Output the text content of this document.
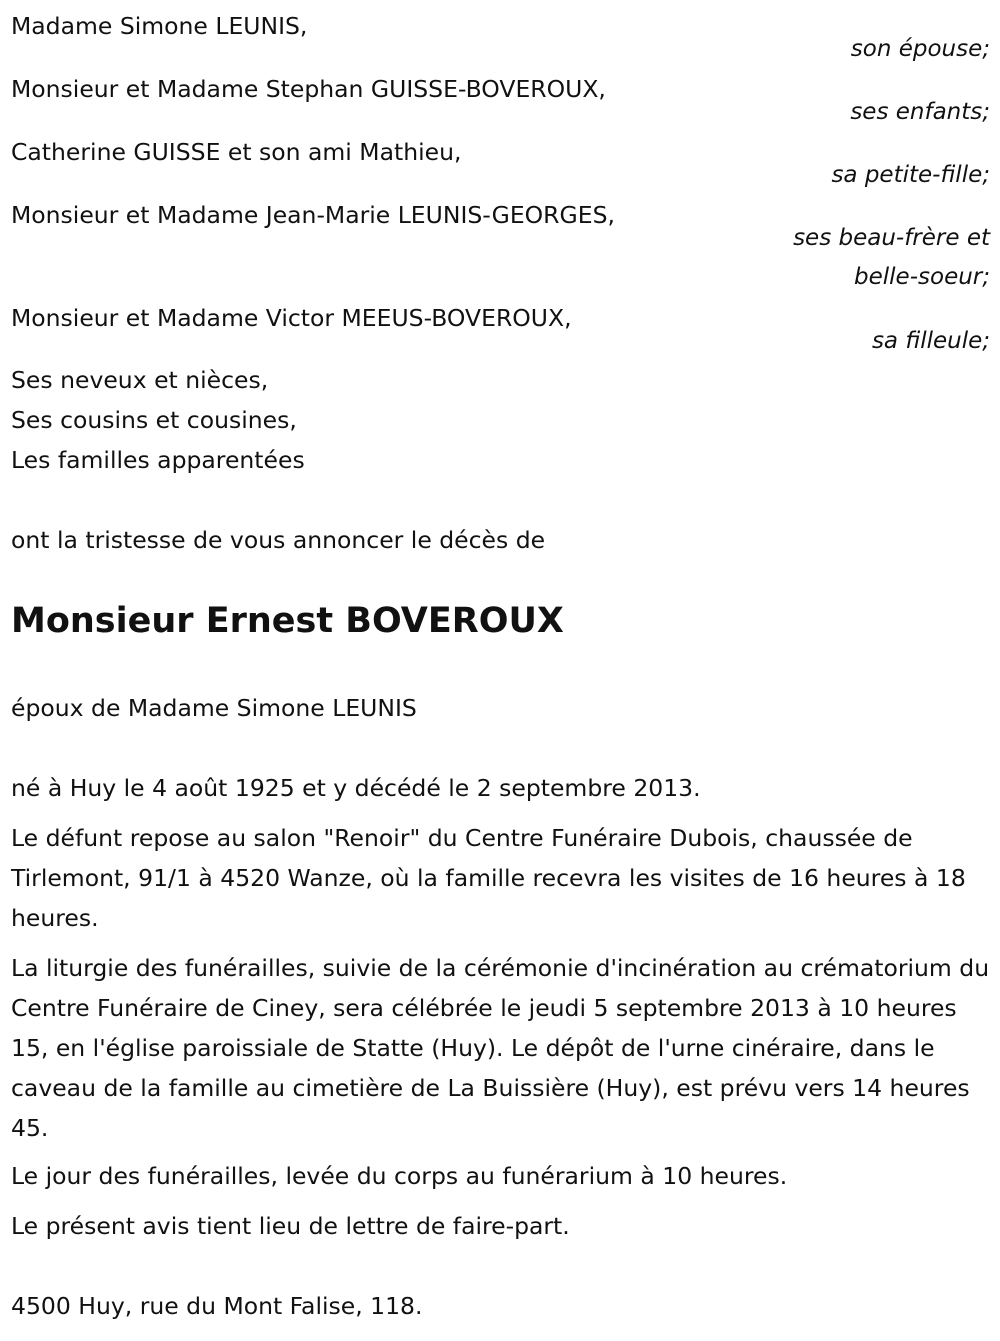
Madame Simone LEUNIS,
son épouse;
Monsieur et Madame Stephan GUISSE-BOVEROUX,
ses enfants;
Catherine GUISSE et son ami Mathieu,
sa petite-fille;
Monsieur et Madame Jean-Marie LEUNIS-GEORGES,
ses beau-frère et
belle-soeur;
Monsieur et Madame Victor MEEUS-BOVEROUX,
sa filleule;
Ses neveux et nièces,
Ses cousins et cousines,
Les familles apparentées
ont la tristesse de vous annoncer le décès de
Monsieur Ernest BOVEROUX
époux de Madame Simone LEUNIS
né à Huy le 4 août 1925 et y décédé le 2 septembre 2013.
Le défunt repose au salon "Renoir" du Centre Funéraire Dubois, chaussée de Tirlemont, 91/1 à 4520 Wanze, où la famille recevra les visites de 16 heures à 18 heures.
La liturgie des funérailles, suivie de la cérémonie d'incinération au crématorium du Centre Funéraire de Ciney, sera célébrée le jeudi 5 septembre 2013 à 10 heures 15, en l'église paroissiale de Statte (Huy). Le dépôt de l'urne cinéraire, dans le caveau de la famille au cimetière de La Buissière (Huy), est prévu vers 14 heures 45.
Le jour des funérailles, levée du corps au funérarium à 10 heures.
Le présent avis tient lieu de lettre de faire-part.
4500 Huy, rue du Mont Falise, 118.
